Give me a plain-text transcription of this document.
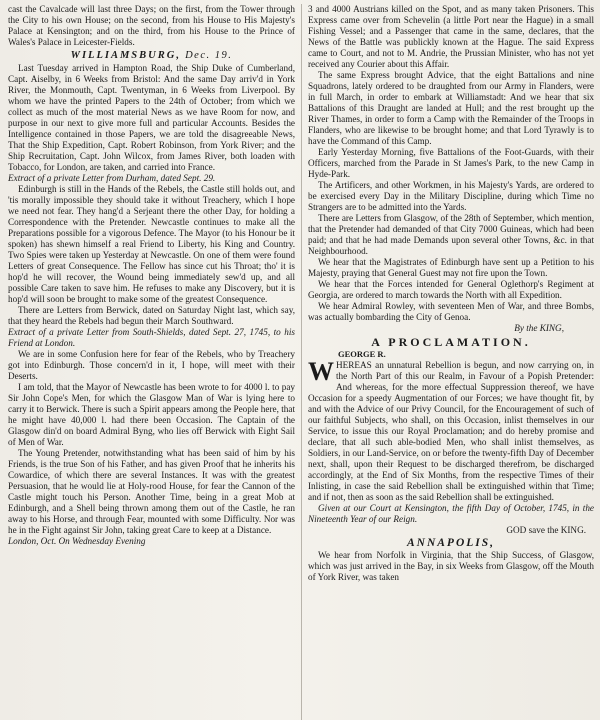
cast the Cavalcade will last three Days; on the first, from the Tower through the City to his own House; on the second, from his House to His Majesty's Palace at Kensington; and on the third, from his House to the Prince of Wales's Palace in Leicester-Fields.

WILLIAMSBURG, Dec. 19.

Last Tuesday arrived in Hampton Road, the Ship Duke of Cumberland, Capt. Aiselby, in 6 Weeks from Bristol: And the same Day arriv'd in York River, the Monmouth, Capt. Twentyman, in 6 Weeks from Liverpool. By whom we have the printed Papers to the 24th of October; from which we collect as much of the most material News as we have Room for now, and purpose in our next to give more full and particular Accounts. Besides the Intelligence contained in those Papers, we are told the disagreeable News, That the Ship Expedition, Capt. Robert Robinson, from York River; and the Ship Recruitation, Capt. John Wilcox, from James River, both loaden with Tobacco, for London, are taken, and carried into France.

Extract of a private Letter from Durham, dated Sept. 29.

Edinburgh is still in the Hands of the Rebels, the Castle still holds out, and 'tis morally impossible they should take it without Treachery, which I hope we need not fear. They hang'd a Serjeant there the other Day, for holding a Correspondence with the Pretender. Newcastle continues to make all the Preparations possible for a vigorous Defence. The Mayor (to his Honour be it spoken) has shewn himself a real Friend to Liberty, his King and Country. Two Spies were taken up Yesterday at Newcastle. On one of them were found Letters of great Consequence. The Fellow has since cut his Throat; tho' it is hop'd he will recover, the Wound being immediately sew'd up, and all possible Care taken to save him. He refuses to make any Discovery, but it is hop'd will soon be brought to make some of the greatest Consequence.

There are Letters from Berwick, dated on Saturday Night last, which say, that they heard the Rebels had begun their March Southward.

Extract of a private Letter from South-Shields, dated Sept. 27, 1745, to his Friend at London.

We are in some Confusion here for fear of the Rebels, who by Treachery got into Edinburgh. Those concern'd in it, I hope, will meet with their Deserts.

I am told, that the Mayor of Newcastle has been wrote to for 4000 l. to pay Sir John Cope's Men, for which the Glasgow Man of War is lying here to carry it to Berwick. There is such a Spirit appears among the People here, that he might have 40,000 l. had there been Occasion. The Captain of the Glasgow din'd on board Admiral Byng, who lies off Berwick with Eight Sail of Men of War.

The Young Pretender, notwithstanding what has been said of him by his Friends, is the true Son of his Father, and has given Proof that he inherits his Cowardice, of which there are several Instances. It was with the greatest Persuasion, that he would lie at Holy-rood House, for fear the Cannon of the Castle might touch his Person. Another Time, being in a great Mob at Edinburgh, and a Shell being thrown among them out of the Castle, he ran away to his Horse, and through Fear, mounted with some Difficulty. Nor was he in the Fight against Sir John, taking great Care to keep at a Distance.

London, Oct. On Wednesday Evening

3 and 4000 Austrians killed on the Spot, and as many taken Prisoners. This Express came over from Schevelin (a little Port near the Hague) in a small Fishing Vessel; and a Passenger that came in the same, declares, that the News of the Battle was publickly known at the Hague. The said Express came to Court, and not to M. Andrie, the Prussian Minister, who has not yet received any Courier about this Affair.

The same Express brought Advice, that the eight Battalions and nine Squadrons, lately ordered to be draughted from our Army in Flanders, were in full March, in order to embark at Williamstadt: And we hear that six Battalions of this Draught are landed at Hull; and the rest brought up the River Thames, in order to form a Camp with the Remainder of the Troops in Flanders, who are likewise to be brought home; and that Lord Tyrawly is to have the Command of this Camp.

Early Yesterday Morning, five Battalions of the Foot-Guards, with their Officers, marched from the Parade in St James's Park, to the new Camp in Hyde-Park.

The Artificers, and other Workmen, in his Majesty's Yards, are ordered to be exercised every Day in the Military Discipline, during which Time no Strangers are to be admitted into the Yards.

There are Letters from Glasgow, of the 28th of September, which mention, that the Pretender had demanded of that City 7000 Guineas, which had been paid; and that he had made Demands upon several other Towns, &c. in that Neighbourhood.

We hear that the Magistrates of Edinburgh have sent up a Petition to his Majesty, praying that General Guest may not fire upon the Town.

We hear that the Forces intended for General Oglethorp's Regiment at Georgia, are ordered to march towards the North with all Expedition.

We hear Admiral Rowley, with seventeen Men of War, and three Bombs, was actually bombarding the City of Genoa.

By the KING,

A PROCLAMATION.

GEORGE R.

WHEREAS an unnatural Rebellion is begun, and now carrying on, in the North Part of this our Realm, in Favour of a Popish Pretender: And whereas, for the more effectual Suppression thereof, we have Occasion for a speedy Augmentation of our Forces; we have thought fit, by and with the Advice of our Privy Council, for the Encouragement of such of our faithful Subjects, who shall, on this Occasion, inlist themselves in our Service, to issue this our Royal Proclamation; and do hereby promise and declare, that all such able-bodied Men, who shall inlist themselves, as Soldiers, in our Land-Service, on or before the twenty-fifth Day of December next, shall, upon their Request to be discharged therefrom, be discharged accordingly, at the End of Six Months, from the respective Times of their Inlisting, in case the said Rebellion shall be extinguished within that Time; and if not, then as soon as the said Rebellion shall be extinguished.

Given at our Court at Kensington, the fifth Day of October, 1745, in the Nineteenth Year of our Reign.

GOD save the KING.

ANNAPOLIS,

We hear from Norfolk in Virginia, that the Ship Success, of Glasgow, which was just arrived in the Bay, in six Weeks from Glasgow, off the Mouth of York River, was taken
